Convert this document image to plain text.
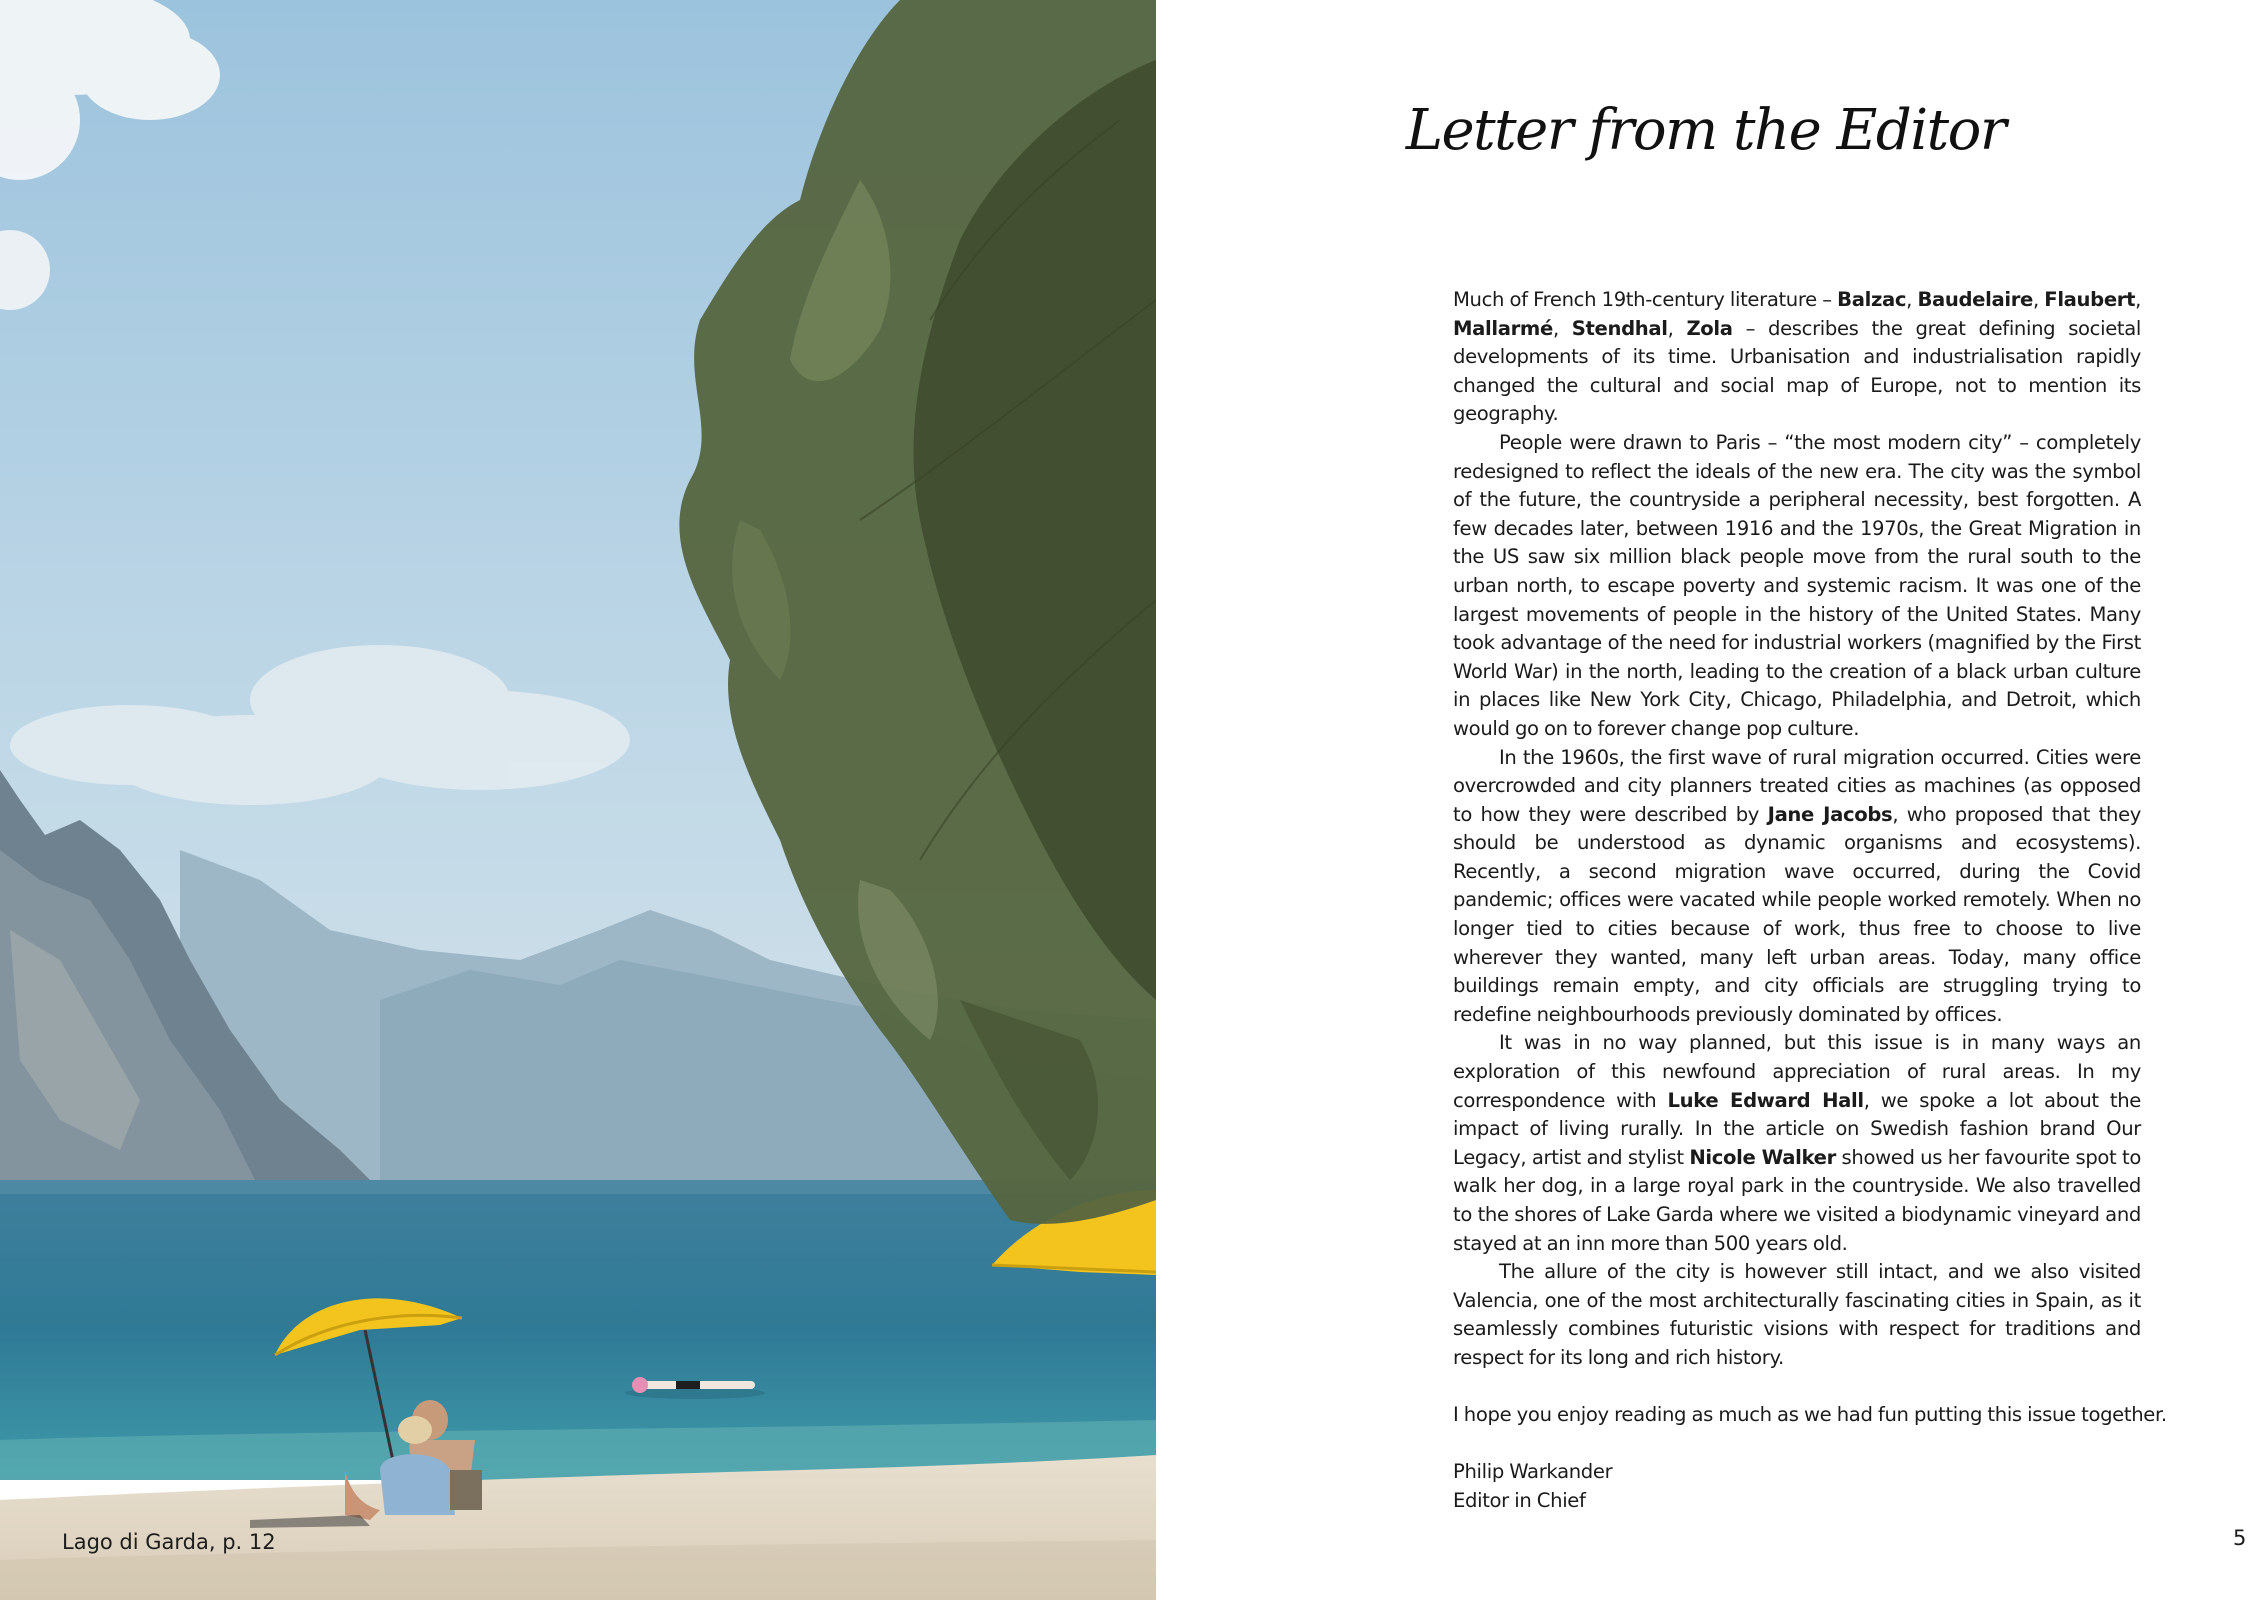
Lago di Garda, p. 12
Letter from the Editor

Much of French 19th-century literature – Balzac, Baudelaire, Flaubert, Mallarmé, Stendhal, Zola – describes the great defining societal developments of its time. Urbanisation and industrialisation rapidly changed the cultural and social map of Europe, not to mention its geography.

People were drawn to Paris – “the most modern city” – completely redesigned to reflect the ideals of the new era. The city was the symbol of the future, the countryside a peripheral necessity, best forgotten. A few decades later, between 1916 and the 1970s, the Great Migration in the US saw six million black people move from the rural south to the urban north, to escape poverty and systemic racism. It was one of the largest movements of people in the history of the United States. Many took advantage of the need for industrial workers (magnified by the First World War) in the north, leading to the creation of a black urban culture in places like New York City, Chicago, Philadelphia, and Detroit, which would go on to forever change pop culture.

In the 1960s, the first wave of rural migration occurred. Cities were overcrowded and city planners treated cities as machines (as opposed to how they were described by Jane Jacobs, who proposed that they should be understood as dynamic organisms and ecosystems). Recently, a second migration wave occurred, during the Covid pandemic; offices were vacated while people worked remotely. When no longer tied to cities because of work, thus free to choose to live wherever they wanted, many left urban areas. Today, many office buildings remain empty, and city officials are struggling trying to redefine neighbourhoods previously dominated by offices.

It was in no way planned, but this issue is in many ways an exploration of this newfound appreciation of rural areas. In my correspondence with Luke Edward Hall, we spoke a lot about the impact of living rurally. In the article on Swedish fashion brand Our Legacy, artist and stylist Nicole Walker showed us her favourite spot to walk her dog, in a large royal park in the countryside. We also travelled to the shores of Lake Garda where we visited a biodynamic vineyard and stayed at an inn more than 500 years old.

The allure of the city is however still intact, and we also visited Valencia, one of the most architecturally fascinating cities in Spain, as it seamlessly combines futuristic visions with respect for traditions and respect for its long and rich history.

I hope you enjoy reading as much as we had fun putting this issue together.

Philip Warkander
Editor in Chief
5
